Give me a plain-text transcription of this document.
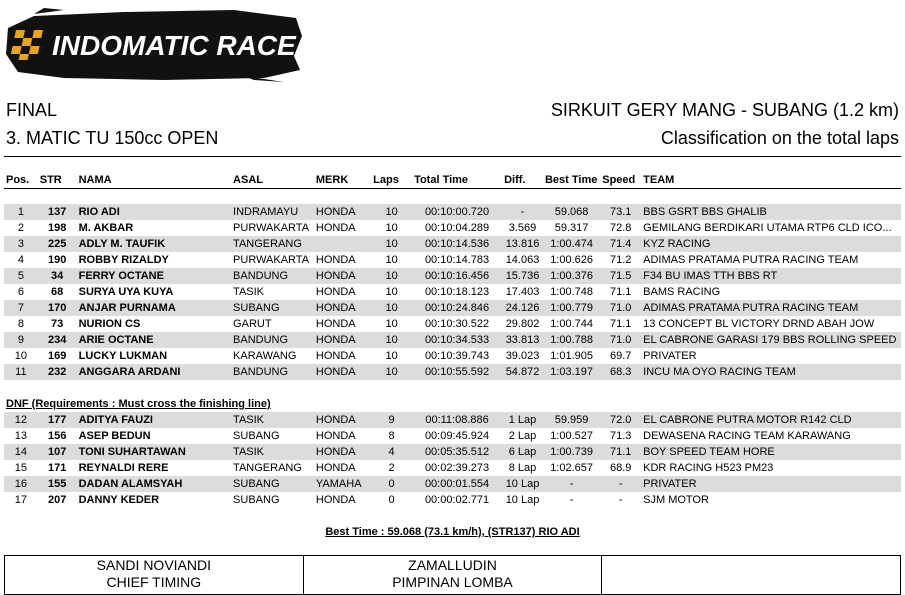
INDOMATIC RACE
FINAL
3. MATIC TU 150cc OPEN
SIRKUIT GERY MANG - SUBANG (1.2 km)
Classification on the total laps
Pos.	STR	NAMA	ASAL	MERK	Laps	Total Time	Diff.	Best Time	Speed	TEAM
1	137	RIO ADI	INDRAMAYU	HONDA	10	00:10:00.720	-	59.068	73.1	BBS GSRT BBS GHALIB
2	198	M. AKBAR	PURWAKARTA	HONDA	10	00:10:04.289	3.569	59.317	72.8	GEMILANG BERDIKARI UTAMA RTP6 CLD ICO...
3	225	ADLY M. TAUFIK	TANGERANG		10	00:10:14.536	13.816	1:00.474	71.4	KYZ RACING
4	190	ROBBY RIZALDY	PURWAKARTA	HONDA	10	00:10:14.783	14.063	1:00.626	71.2	ADIMAS PRATAMA PUTRA RACING TEAM
5	34	FERRY OCTANE	BANDUNG	HONDA	10	00:10:16.456	15.736	1:00.376	71.5	F34 BU IMAS TTH BBS RT
6	68	SURYA UYA KUYA	TASIK	HONDA	10	00:10:18.123	17.403	1:00.748	71.1	BAMS RACING
7	170	ANJAR PURNAMA	SUBANG	HONDA	10	00:10:24.846	24.126	1:00.779	71.0	ADIMAS PRATAMA PUTRA RACING TEAM
8	73	NURION CS	GARUT	HONDA	10	00:10:30.522	29.802	1:00.744	71.1	13 CONCEPT BL VICTORY DRND ABAH JOW
9	234	ARIE OCTANE	BANDUNG	HONDA	10	00:10:34.533	33.813	1:00.788	71.0	EL CABRONE GARASI 179 BBS ROLLING SPEED
10	169	LUCKY LUKMAN	KARAWANG	HONDA	10	00:10:39.743	39.023	1:01.905	69.7	PRIVATER
11	232	ANGGARA ARDANI	BANDUNG	HONDA	10	00:10:55.592	54.872	1:03.197	68.3	INCU MA OYO RACING TEAM
DNF (Requirements : Must cross the finishing line)
12	177	ADITYA FAUZI	TASIK	HONDA	9	00:11:08.886	1 Lap	59.959	72.0	EL CABRONE PUTRA MOTOR R142 CLD
13	156	ASEP BEDUN	SUBANG	HONDA	8	00:09:45.924	2 Lap	1:00.527	71.3	DEWASENA RACING TEAM KARAWANG
14	107	TONI SUHARTAWAN	TASIK	HONDA	4	00:05:35.512	6 Lap	1:00.739	71.1	BOY SPEED TEAM HORE
15	171	REYNALDI RERE	TANGERANG	HONDA	2	00:02:39.273	8 Lap	1:02.657	68.9	KDR RACING H523 PM23
16	155	DADAN ALAMSYAH	SUBANG	YAMAHA	0	00:00:01.554	10 Lap	-	-	PRIVATER
17	207	DANNY KEDER	SUBANG	HONDA	0	00:00:02.771	10 Lap	-	-	SJM MOTOR
Best Time : 59.068 (73.1 km/h), (STR137) RIO ADI
SANDI NOVIANDI
CHIEF TIMING

ZAMALLUDIN
PIMPINAN LOMBA
